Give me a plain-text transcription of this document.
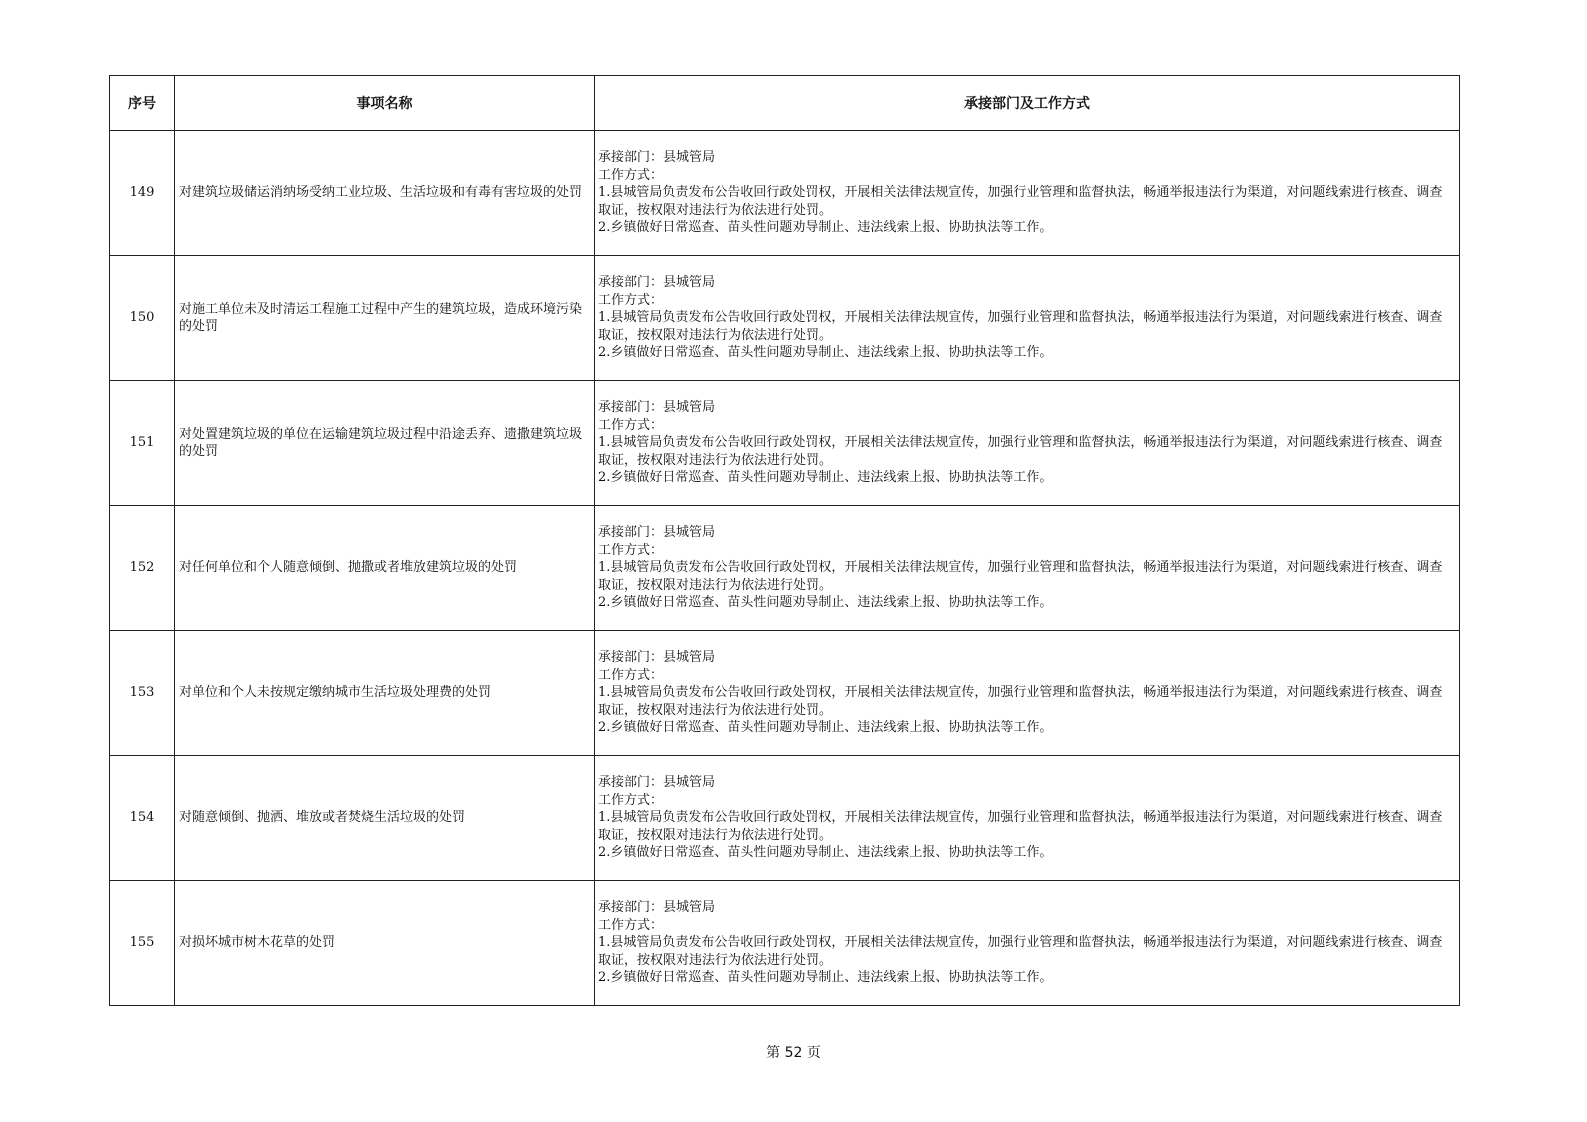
序号	事项名称	承接部门及工作方式
149	对建筑垃圾储运消纳场受纳工业垃圾、生活垃圾和有毒有害垃圾的处罚	承接部门：县城管局
工作方式：
1.县城管局负责发布公告收回行政处罚权，开展相关法律法规宣传，加强行业管理和监督执法，畅通举报违法行为渠道，对问题线索进行核查、调查取证，按权限对违法行为依法进行处罚。
2.乡镇做好日常巡查、苗头性问题劝导制止、违法线索上报、协助执法等工作。

150	对施工单位未及时清运工程施工过程中产生的建筑垃圾，造成环境污染的处罚	承接部门：县城管局
工作方式：
1.县城管局负责发布公告收回行政处罚权，开展相关法律法规宣传，加强行业管理和监督执法，畅通举报违法行为渠道，对问题线索进行核查、调查取证，按权限对违法行为依法进行处罚。
2.乡镇做好日常巡查、苗头性问题劝导制止、违法线索上报、协助执法等工作。

151	对处置建筑垃圾的单位在运输建筑垃圾过程中沿途丢弃、遗撒建筑垃圾的处罚	承接部门：县城管局
工作方式：
1.县城管局负责发布公告收回行政处罚权，开展相关法律法规宣传，加强行业管理和监督执法，畅通举报违法行为渠道，对问题线索进行核查、调查取证，按权限对违法行为依法进行处罚。
2.乡镇做好日常巡查、苗头性问题劝导制止、违法线索上报、协助执法等工作。

152	对任何单位和个人随意倾倒、抛撒或者堆放建筑垃圾的处罚	承接部门：县城管局
工作方式：
1.县城管局负责发布公告收回行政处罚权，开展相关法律法规宣传，加强行业管理和监督执法，畅通举报违法行为渠道，对问题线索进行核查、调查取证，按权限对违法行为依法进行处罚。
2.乡镇做好日常巡查、苗头性问题劝导制止、违法线索上报、协助执法等工作。

153	对单位和个人未按规定缴纳城市生活垃圾处理费的处罚	承接部门：县城管局
工作方式：
1.县城管局负责发布公告收回行政处罚权，开展相关法律法规宣传，加强行业管理和监督执法，畅通举报违法行为渠道，对问题线索进行核查、调查取证，按权限对违法行为依法进行处罚。
2.乡镇做好日常巡查、苗头性问题劝导制止、违法线索上报、协助执法等工作。

154	对随意倾倒、抛洒、堆放或者焚烧生活垃圾的处罚	承接部门：县城管局
工作方式：
1.县城管局负责发布公告收回行政处罚权，开展相关法律法规宣传，加强行业管理和监督执法，畅通举报违法行为渠道，对问题线索进行核查、调查取证，按权限对违法行为依法进行处罚。
2.乡镇做好日常巡查、苗头性问题劝导制止、违法线索上报、协助执法等工作。

155	对损坏城市树木花草的处罚	承接部门：县城管局
工作方式：
1.县城管局负责发布公告收回行政处罚权，开展相关法律法规宣传，加强行业管理和监督执法，畅通举报违法行为渠道，对问题线索进行核查、调查取证，按权限对违法行为依法进行处罚。
2.乡镇做好日常巡查、苗头性问题劝导制止、违法线索上报、协助执法等工作。
第 52 页
